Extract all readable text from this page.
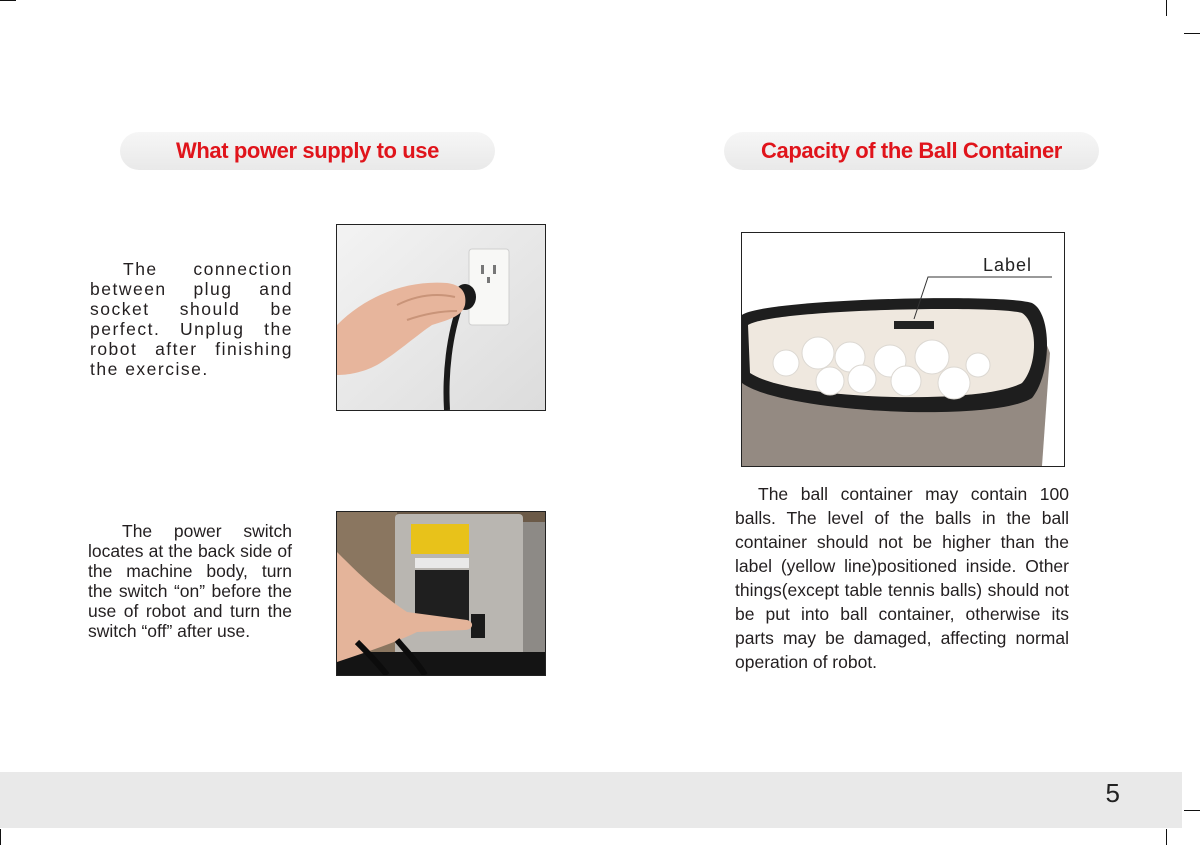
What power supply to use

The connection between plug and socket should be perfect. Unplug the robot after finishing the exercise.

The power switch locates at the back side of the machine body, turn the switch “on” before the use of robot and turn the switch “off” after use.

Capacity of the Ball Container
Label

The ball container may contain 100 balls. The level of the balls in the ball container should not be higher than the label (yellow line)positioned inside. Other things(except table tennis balls) should not be put into ball container, otherwise its parts may be damaged, affecting normal operation of robot.

5
